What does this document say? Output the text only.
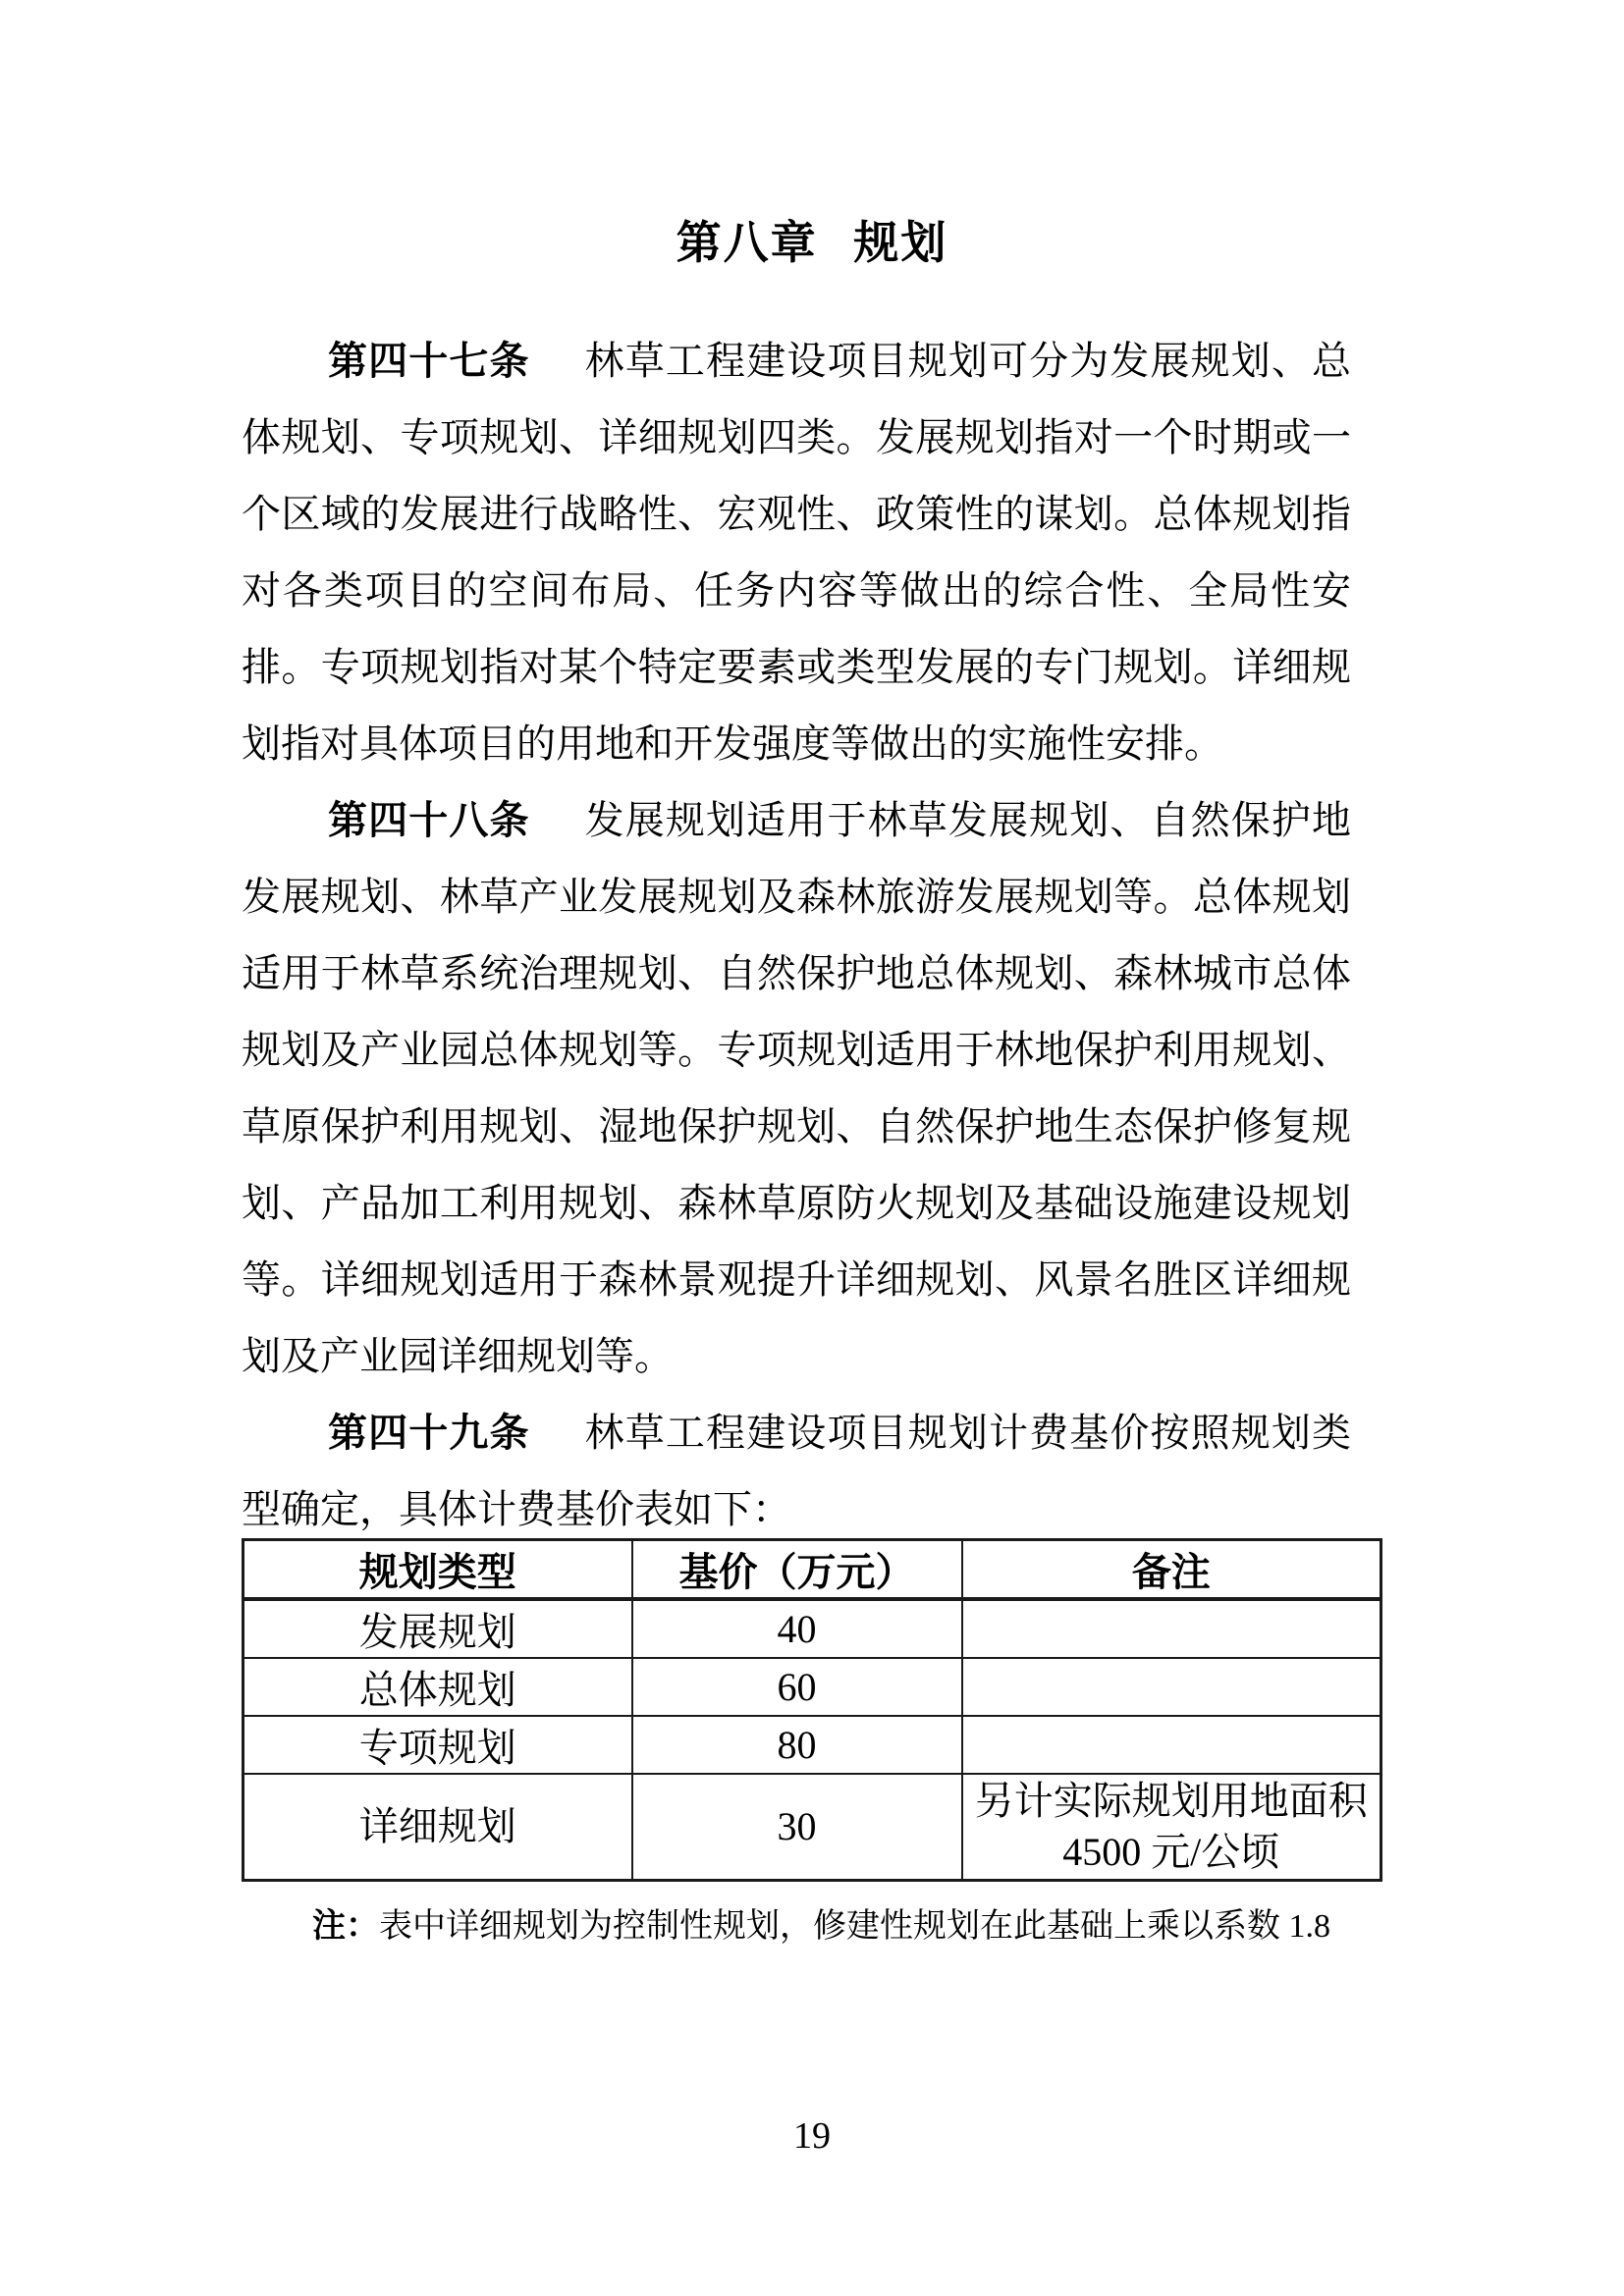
第八章 规划

第四十七条 林草工程建设项目规划可分为发展规划、总体规划、专项规划、详细规划四类。发展规划指对一个时期或一个区域的发展进行战略性、宏观性、政策性的谋划。总体规划指对各类项目的空间布局、任务内容等做出的综合性、全局性安排。专项规划指对某个特定要素或类型发展的专门规划。详细规划指对具体项目的用地和开发强度等做出的实施性安排。

第四十八条 发展规划适用于林草发展规划、自然保护地发展规划、林草产业发展规划及森林旅游发展规划等。总体规划适用于林草系统治理规划、自然保护地总体规划、森林城市总体规划及产业园总体规划等。专项规划适用于林地保护利用规划、草原保护利用规划、湿地保护规划、自然保护地生态保护修复规划、产品加工利用规划、森林草原防火规划及基础设施建设规划等。详细规划适用于森林景观提升详细规划、风景名胜区详细规划及产业园详细规划等。

第四十九条 林草工程建设项目规划计费基价按照规划类型确定，具体计费基价表如下：

规划类型	基价（万元）	备注
发展规划	40	
总体规划	60	
专项规划	80	
详细规划	30	另计实际规划用地面积 4500 元/公顷

注：表中详细规划为控制性规划，修建性规划在此基础上乘以系数 1.8

19
